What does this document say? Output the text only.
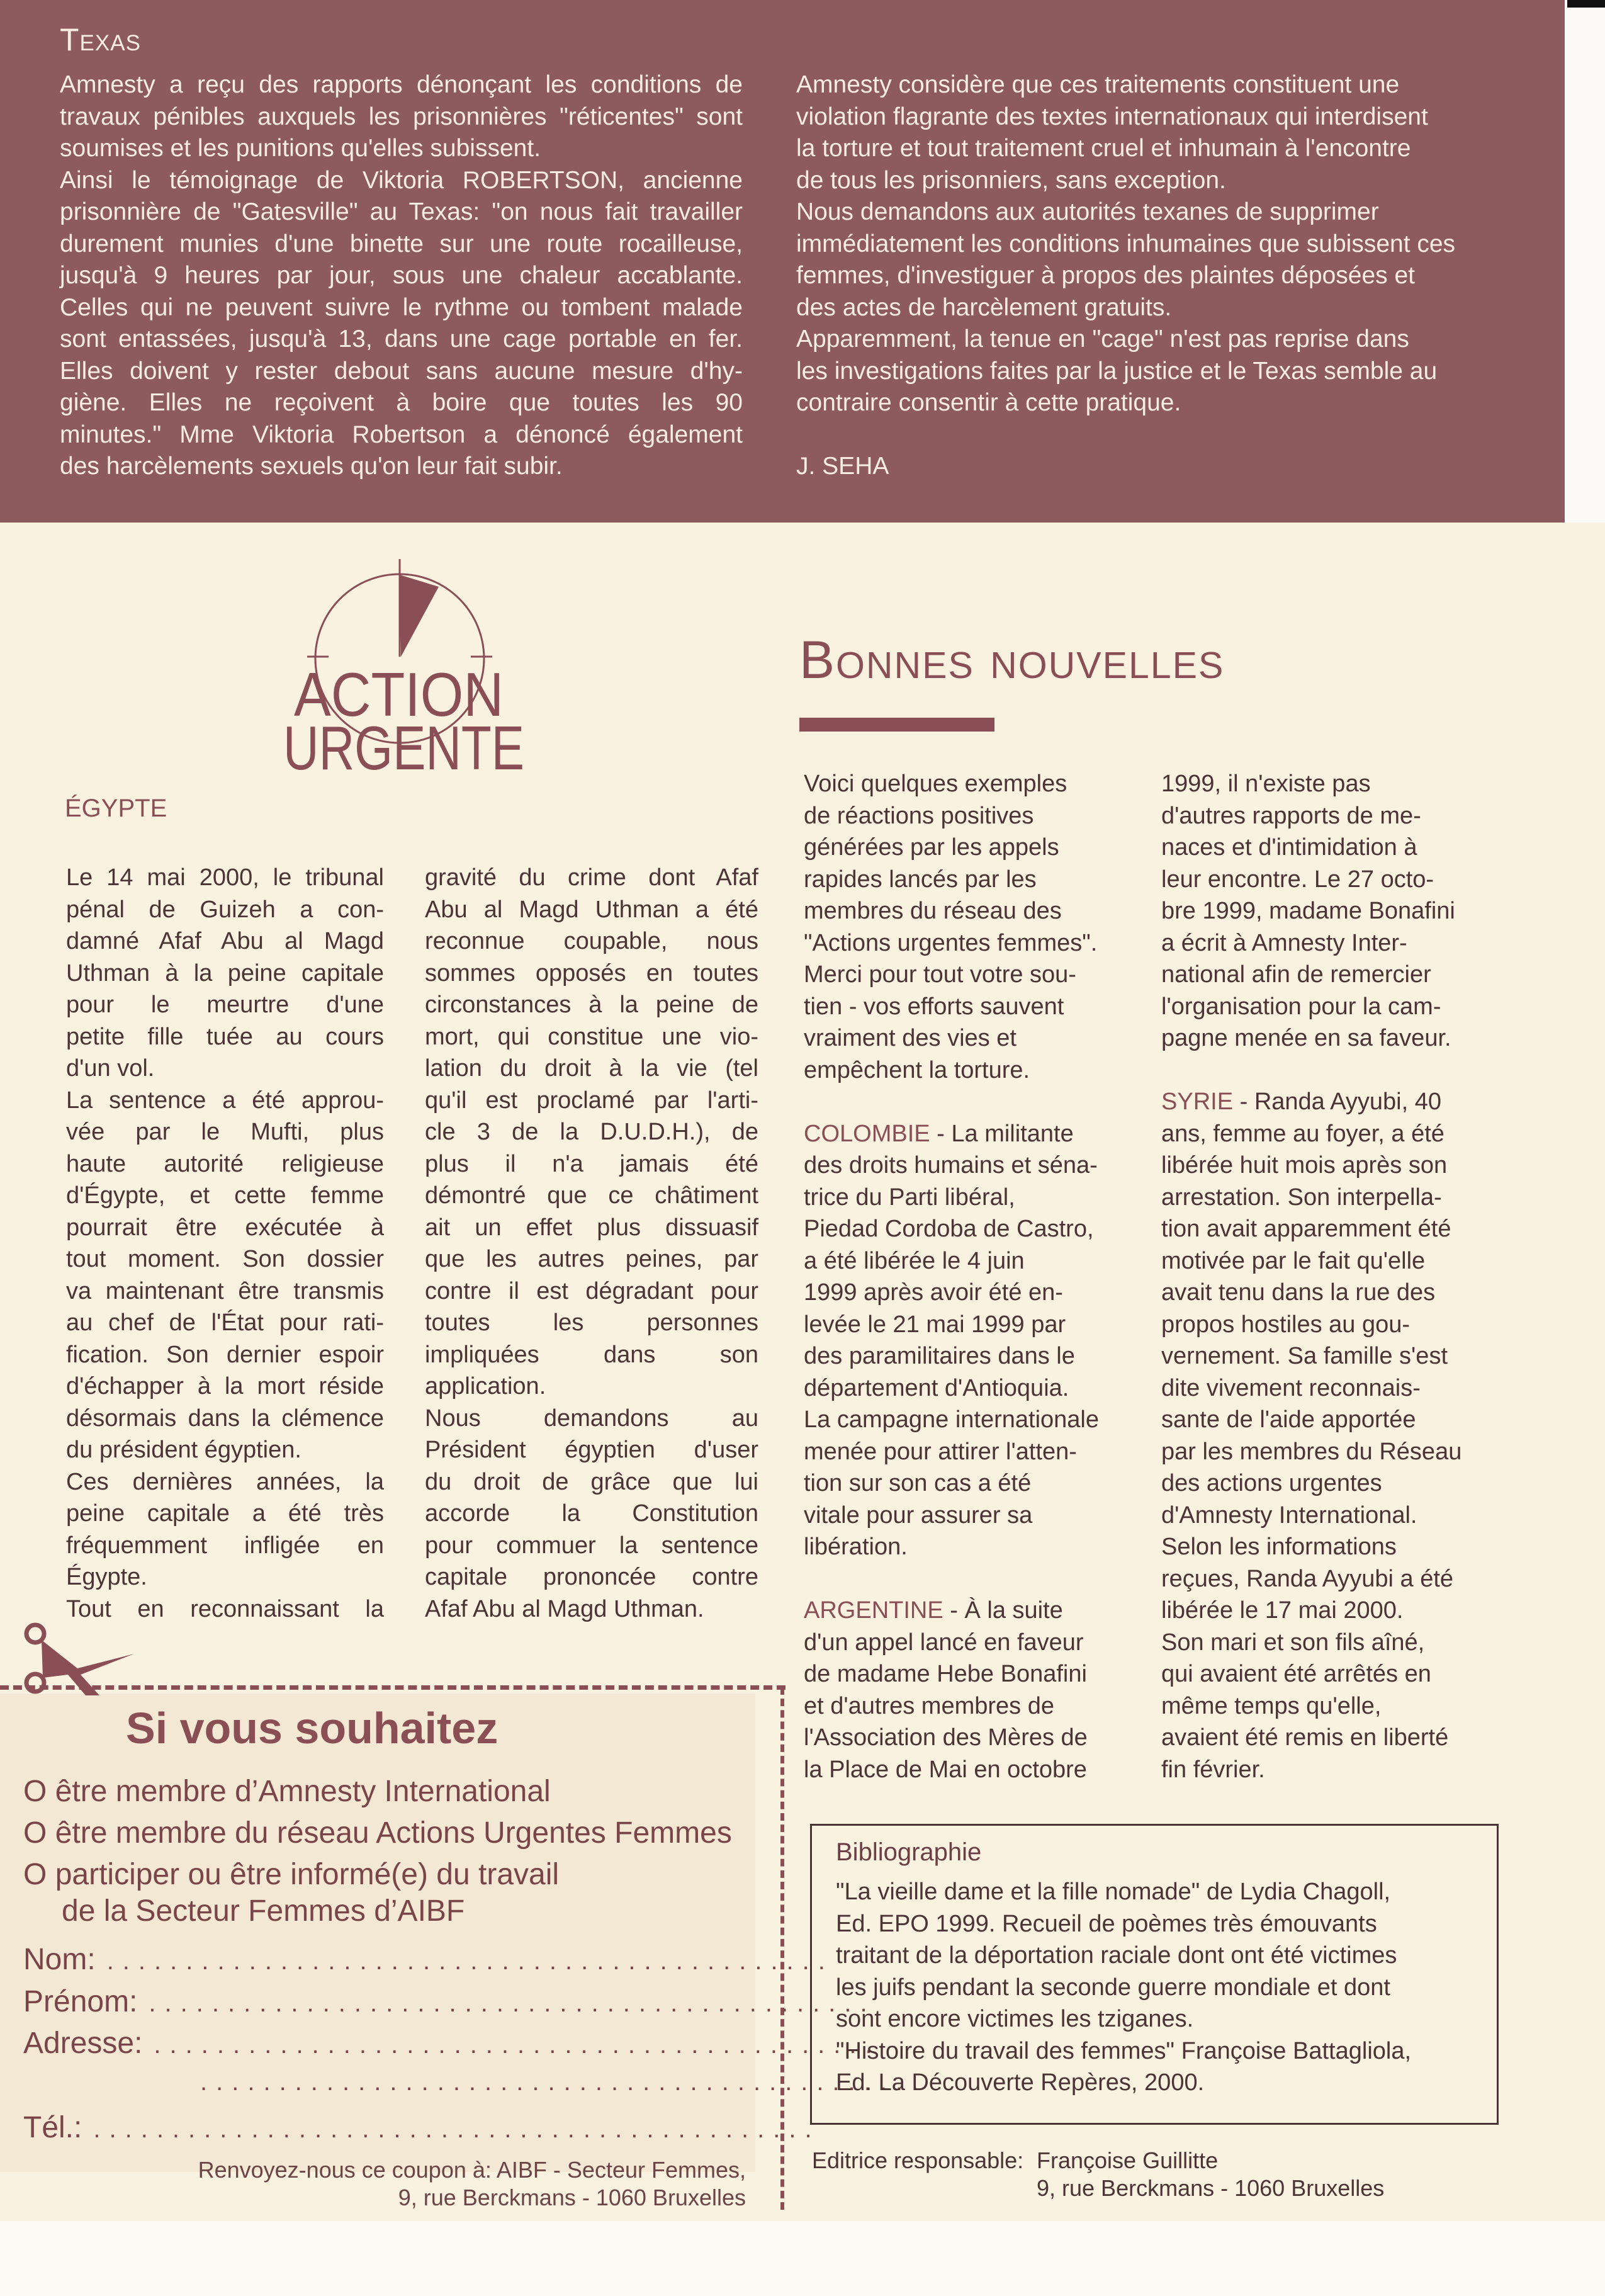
Texas
Amnesty a reçu des rapports dénonçant les conditions de
travaux pénibles auxquels les prisonnières "réticentes" sont
soumises et les punitions qu'elles subissent.
Ainsi le témoignage de Viktoria ROBERTSON, ancienne
prisonnière de "Gatesville" au Texas: "on nous fait travailler
durement munies d'une binette sur une route rocailleuse,
jusqu'à 9 heures par jour, sous une chaleur accablante.
Celles qui ne peuvent suivre le rythme ou tombent malade
sont entassées, jusqu'à 13, dans une cage portable en fer.
Elles doivent y rester debout sans aucune mesure d'hy-
giène. Elles ne reçoivent à boire que toutes les 90
minutes." Mme Viktoria Robertson a dénoncé également
des harcèlements sexuels qu'on leur fait subir.
Amnesty considère que ces traitements constituent une
violation flagrante des textes internationaux qui interdisent
la torture et tout traitement cruel et inhumain à l'encontre
de tous les prisonniers, sans exception.
Nous demandons aux autorités texanes de supprimer
immédiatement les conditions inhumaines que subissent ces
femmes, d'investiguer à propos des plaintes déposées et
des actes de harcèlement gratuits.
Apparemment, la tenue en "cage" n'est pas reprise dans
les investigations faites par la justice et le Texas semble au
contraire consentir à cette pratique.
J. SEHA
ACTION
URGENTE
Bonnes nouvelles
ÉGYPTE
Le 14 mai 2000, le tribunal
pénal de Guizeh a con-
damné Afaf Abu al Magd
Uthman à la peine capitale
pour le meurtre d'une
petite fille tuée au cours
d'un vol.
La sentence a été approu-
vée par le Mufti, plus
haute autorité religieuse
d'Égypte, et cette femme
pourrait être exécutée à
tout moment. Son dossier
va maintenant être transmis
au chef de l'État pour rati-
fication. Son dernier espoir
d'échapper à la mort réside
désormais dans la clémence
du président égyptien.
Ces dernières années, la
peine capitale a été très
fréquemment infligée en
Égypte.
Tout en reconnaissant la
gravité du crime dont Afaf
Abu al Magd Uthman a été
reconnue coupable, nous
sommes opposés en toutes
circonstances à la peine de
mort, qui constitue une vio-
lation du droit à la vie (tel
qu'il est proclamé par l'arti-
cle 3 de la D.U.D.H.), de
plus il n'a jamais été
démontré que ce châtiment
ait un effet plus dissuasif
que les autres peines, par
contre il est dégradant pour
toutes les personnes
impliquées dans son
application.
Nous demandons au
Président égyptien d'user
du droit de grâce que lui
accorde la Constitution
pour commuer la sentence
capitale prononcée contre
Afaf Abu al Magd Uthman.
Voici quelques exemples
de réactions positives
générées par les appels
rapides lancés par les
membres du réseau des
"Actions urgentes femmes".
Merci pour tout votre sou-
tien - vos efforts sauvent
vraiment des vies et
empêchent la torture.
COLOMBIE - La militante
des droits humains et séna-
trice du Parti libéral,
Piedad Cordoba de Castro,
a été libérée le 4 juin
1999 après avoir été en-
levée le 21 mai 1999 par
des paramilitaires dans le
département d'Antioquia.
La campagne internationale
menée pour attirer l'atten-
tion sur son cas a été
vitale pour assurer sa
libération.
ARGENTINE - À la suite
d'un appel lancé en faveur
de madame Hebe Bonafini
et d'autres membres de
l'Association des Mères de
la Place de Mai en octobre
1999, il n'existe pas
d'autres rapports de me-
naces et d'intimidation à
leur encontre. Le 27 octo-
bre 1999, madame Bonafini
a écrit à Amnesty Inter-
national afin de remercier
l'organisation pour la cam-
pagne menée en sa faveur.
SYRIE - Randa Ayyubi, 40
ans, femme au foyer, a été
libérée huit mois après son
arrestation. Son interpella-
tion avait apparemment été
motivée par le fait qu'elle
avait tenu dans la rue des
propos hostiles au gou-
vernement. Sa famille s'est
dite vivement reconnais-
sante de l'aide apportée
par les membres du Réseau
des actions urgentes
d'Amnesty International.
Selon les informations
reçues, Randa Ayyubi a été
libérée le 17 mai 2000.
Son mari et son fils aîné,
qui avaient été arrêtés en
même temps qu'elle,
avaient été remis en liberté
fin février.
Si vous souhaitez
O être membre d’Amnesty International
O être membre du réseau Actions Urgentes Femmes
O participer ou être informé(e) du travail
de la Secteur Femmes d’AIBF
Nom: ..............................................
Prénom: ..............................................
Adresse: ..............................................
..............................................
Tél.: ..............................................
Renvoyez-nous ce coupon à: AIBF - Secteur Femmes,
9, rue Berckmans - 1060 Bruxelles
Bibliographie
"La vieille dame et la fille nomade" de Lydia Chagoll,
Ed. EPO 1999. Recueil de poèmes très émouvants
traitant de la déportation raciale dont ont été victimes
les juifs pendant la seconde guerre mondiale et dont
sont encore victimes les tziganes.
"Histoire du travail des femmes" Françoise Battagliola,
Ed. La Découverte Repères, 2000.
Editrice responsable: Françoise Guillitte
9, rue Berckmans - 1060 Bruxelles
